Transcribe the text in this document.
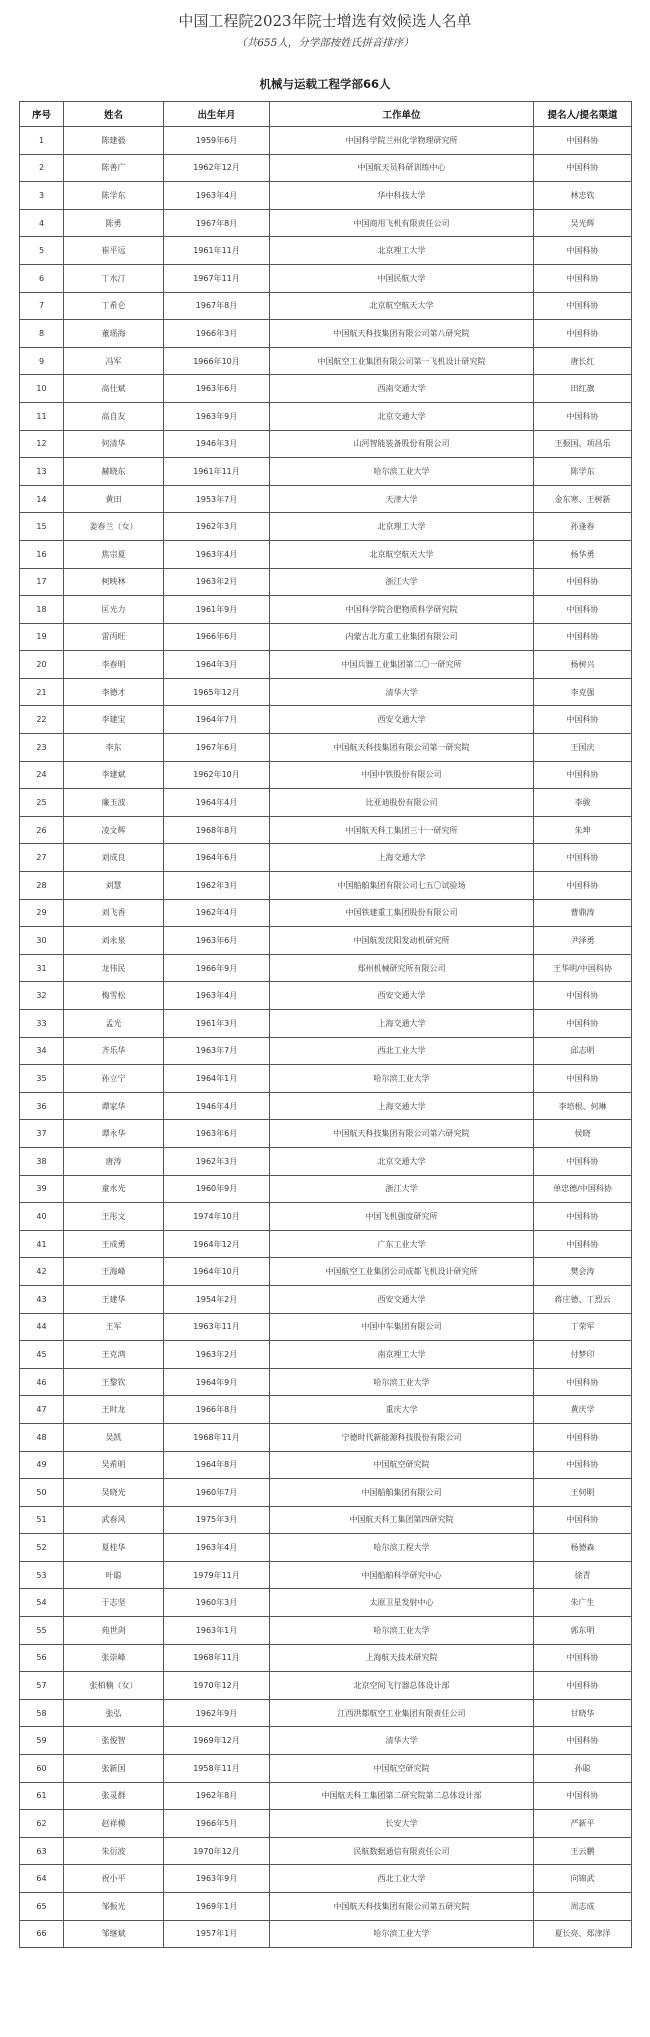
中国工程院2023年院士增选有效候选人名单
（共655人，分学部按姓氏拼音排序）
机械与运载工程学部66人
序号	姓名	出生年月	工作单位	提名人/提名渠道
1	陈建毅	1959年6月	中国科学院兰州化学物理研究所	中国科协
2	陈善广	1962年12月	中国航天员科研训练中心	中国科协
3	陈学东	1963年4月	华中科技大学	林忠钦
4	陈勇	1967年8月	中国商用飞机有限责任公司	吴光辉
5	崔平远	1961年11月	北京理工大学	中国科协
6	丁水汀	1967年11月	中国民航大学	中国科协
7	丁希仑	1967年8月	北京航空航天大学	中国科协
8	董瑶海	1966年3月	中国航天科技集团有限公司第八研究院	中国科协
9	冯军	1966年10月	中国航空工业集团有限公司第一飞机设计研究院	唐长红
10	高仕斌	1963年6月	西南交通大学	田红旗
11	高自友	1963年9月	北京交通大学	中国科协
12	何清华	1946年3月	山河智能装备股份有限公司	王振国、项昌乐
13	赫晓东	1961年11月	哈尔滨工业大学	陈学东
14	黄田	1953年7月	天津大学	金东寒、王树新
15	姜春兰（女）	1962年3月	北京理工大学	孙逢春
16	焦宗夏	1963年4月	北京航空航天大学	杨华勇
17	柯映林	1963年2月	浙江大学	中国科协
18	匡光力	1961年9月	中国科学院合肥物质科学研究院	中国科协
19	雷丙旺	1966年6月	内蒙古北方重工业集团有限公司	中国科协
20	李春明	1964年3月	中国兵器工业集团第二〇一研究所	杨树兴
21	李德才	1965年12月	清华大学	李克强
22	李建宝	1964年7月	西安交通大学	中国科协
23	李东	1967年6月	中国航天科技集团有限公司第一研究院	王国庆
24	李建斌	1962年10月	中国中铁股份有限公司	中国科协
25	廉玉波	1964年4月	比亚迪股份有限公司	李骏
26	凌文辉	1968年8月	中国航天科工集团三十一研究所	朱坤
27	刘成良	1964年6月	上海交通大学	中国科协
28	刘慧	1962年3月	中国船舶集团有限公司七五〇试验场	中国科协
29	刘飞香	1962年4月	中国铁建重工集团股份有限公司	曹鼎涛
30	刘永泉	1963年6月	中国航发沈阳发动机研究所	尹泽勇
31	龙伟民	1966年9月	郑州机械研究所有限公司	王华明/中国科协
32	梅雪松	1963年4月	西安交通大学	中国科协
33	孟光	1961年3月	上海交通大学	中国科协
34	齐乐华	1963年7月	西北工业大学	邱志明
35	孙立宁	1964年1月	哈尔滨工业大学	中国科协
36	谭家华	1946年4月	上海交通大学	李培根、何琳
37	谭永华	1963年6月	中国航天科技集团有限公司第六研究院	侯晓
38	唐涛	1962年3月	北京交通大学	中国科协
39	童水光	1960年9月	浙江大学	单忠德/中国科协
40	王彤文	1974年10月	中国飞机强度研究所	中国科协
41	王成勇	1964年12月	广东工业大学	中国科协
42	王海峰	1964年10月	中国航空工业集团公司成都飞机设计研究所	樊会涛
43	王建华	1954年2月	西安交通大学	蒋庄德、丁烈云
44	王军	1963年11月	中国中车集团有限公司	丁荣军
45	王克鸿	1963年2月	南京理工大学	付梦印
46	王黎钦	1964年9月	哈尔滨工业大学	中国科协
47	王时龙	1966年8月	重庆大学	黄庆学
48	吴凯	1968年11月	宁德时代新能源科技股份有限公司	中国科协
49	吴希明	1964年8月	中国航空研究院	中国科协
50	吴晓光	1960年7月	中国船舶集团有限公司	王何明
51	武春风	1975年3月	中国航天科工集团第四研究院	中国科协
52	夏桂华	1963年4月	哈尔滨工程大学	杨德森
53	叶聪	1979年11月	中国船舶科学研究中心	徐青
54	于志坚	1960年3月	太原卫星发射中心	朱广生
55	苑世剑	1963年1月	哈尔滨工业大学	郭东明
56	张崇峰	1968年11月	上海航天技术研究院	中国科协
57	张柏楠（女）	1970年12月	北京空间飞行器总体设计部	中国科协
58	张弘	1962年9月	江西洪都航空工业集团有限责任公司	甘晓华
59	张俊智	1969年12月	清华大学	中国科协
60	张新国	1958年11月	中国航空研究院	孙聪
61	张灵群	1962年8月	中国航天科工集团第二研究院第二总体设计部	中国科协
62	赵祥模	1966年5月	长安大学	严新平
63	朱衍波	1970年12月	民航数据通信有限责任公司	王云鹏
64	祝小平	1963年9月	西北工业大学	向锦武
65	邹振光	1969年1月	中国航天科技集团有限公司第五研究院	周志成
66	邹继斌	1957年1月	哈尔滨工业大学	夏长亮、郑津洋
